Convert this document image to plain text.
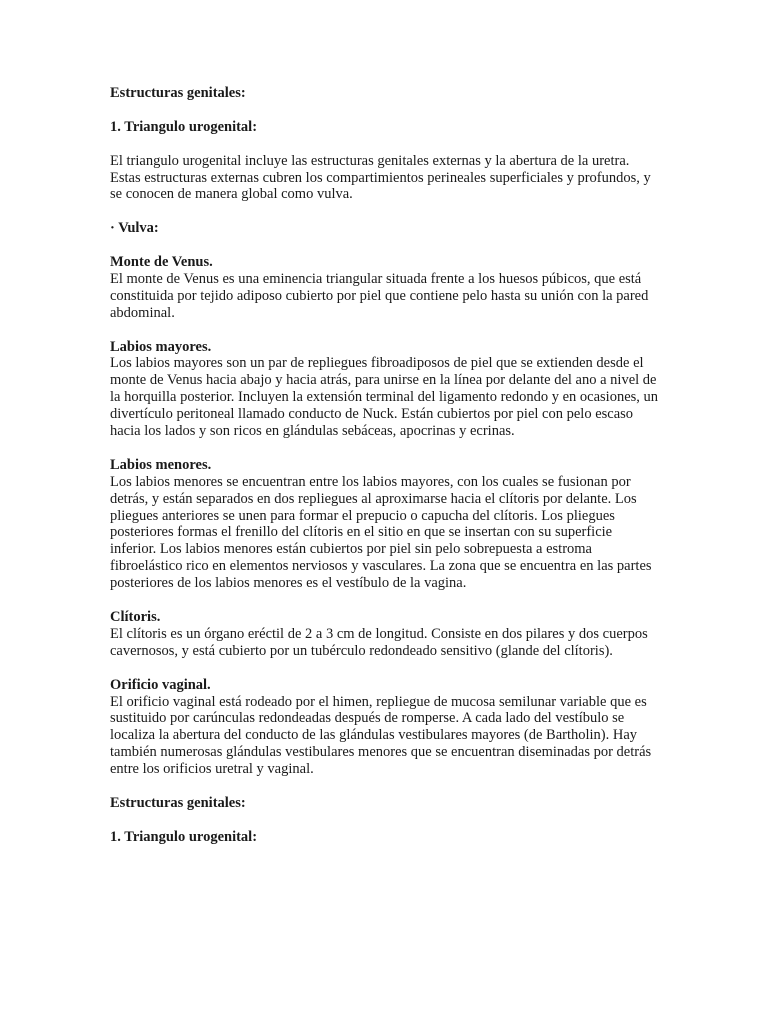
Estructuras genitales:

1. Triangulo urogenital:

El triangulo urogenital incluye las estructuras genitales externas y la abertura de la uretra. Estas estructuras externas cubren los compartimientos perineales superficiales y profundos, y se conocen de manera global como vulva.

· Vulva:

Monte de Venus.

El monte de Venus es una eminencia triangular situada frente a los huesos púbicos, que está constituida por tejido adiposo cubierto por piel que contiene pelo hasta su unión con la pared abdominal.

Labios mayores.

Los labios mayores son un par de repliegues fibroadiposos de piel que se extienden desde el monte de Venus hacia abajo y hacia atrás, para unirse en la línea por delante del ano a nivel de la horquilla posterior. Incluyen la extensión terminal del ligamento redondo y en ocasiones, un divertículo peritoneal llamado conducto de Nuck. Están cubiertos por piel con pelo escaso hacia los lados y son ricos en glándulas sebáceas, apocrinas y ecrinas.

Labios menores.

Los labios menores se encuentran entre los labios mayores, con los cuales se fusionan por detrás, y están separados en dos repliegues al aproximarse hacia el clítoris por delante. Los pliegues anteriores se unen para formar el prepucio o capucha del clítoris. Los pliegues posteriores formas el frenillo del clítoris en el sitio en que se insertan con su superficie inferior. Los labios menores están cubiertos por piel sin pelo sobrepuesta a estroma fibroelástico rico en elementos nerviosos y vasculares. La zona que se encuentra en las partes posteriores de los labios menores es el vestíbulo de la vagina.

Clítoris.

El clítoris es un órgano eréctil de 2 a 3 cm de longitud. Consiste en dos pilares y dos cuerpos cavernosos, y está cubierto por un tubérculo redondeado sensitivo (glande del clítoris).

Orificio vaginal.

El orificio vaginal está rodeado por el himen, repliegue de mucosa semilunar variable que es sustituido por carúnculas redondeadas después de romperse. A cada lado del vestíbulo se localiza la abertura del conducto de las glándulas vestibulares mayores (de Bartholin). Hay también numerosas glándulas vestibulares menores que se encuentran diseminadas por detrás entre los orificios uretral y vaginal.

Estructuras genitales:

1. Triangulo urogenital:
